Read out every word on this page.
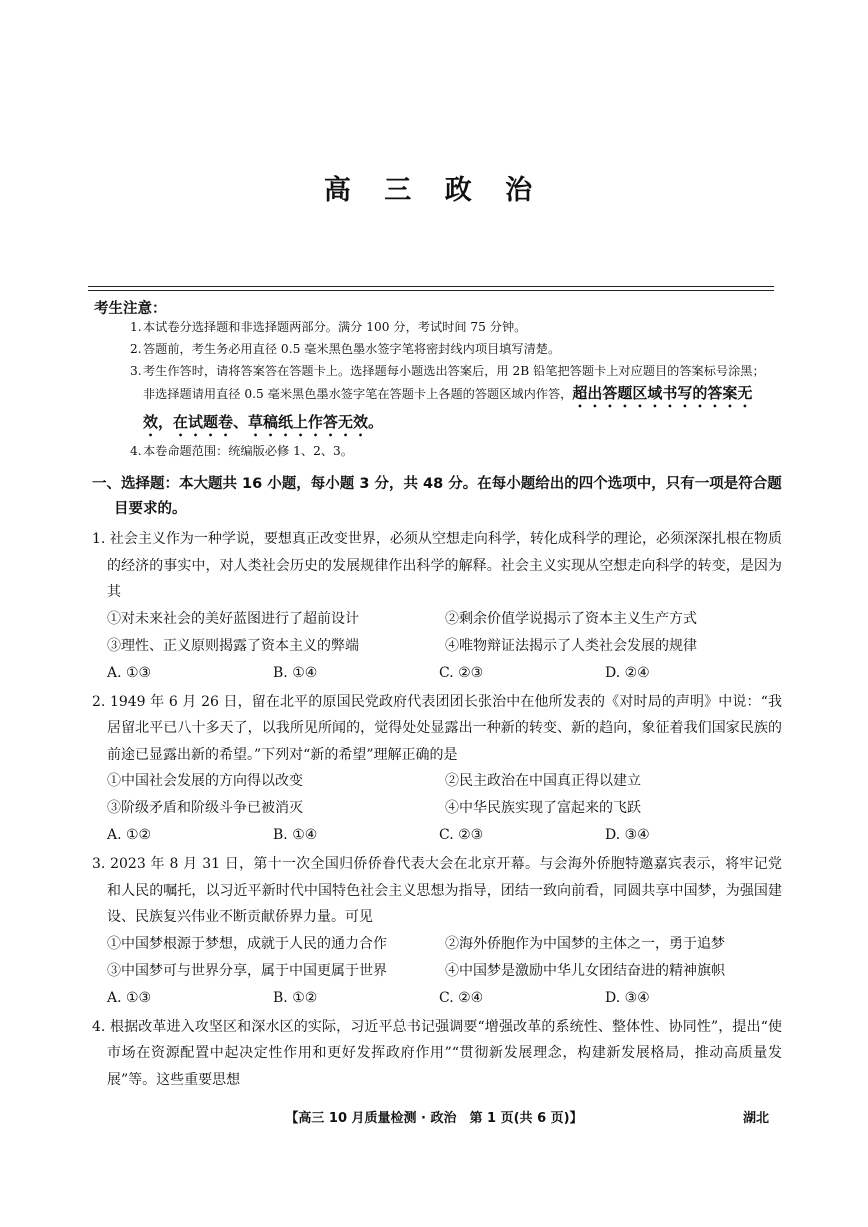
高 三 政 治
考生注意：
1. 本试卷分选择题和非选择题两部分。满分 100 分，考试时间 75 分钟。
2. 答题前，考生务必用直径 0.5 毫米黑色墨水签字笔将密封线内项目填写清楚。
3. 考生作答时，请将答案答在答题卡上。选择题每小题选出答案后，用 2B 铅笔把答题卡上对应题目的答案标号涂黑；非选择题请用直径 0.5 毫米黑色墨水签字笔在答题卡上各题的答题区域内作答，超出答题区域书写的答案无效，在试题卷、草稿纸上作答无效。
4. 本卷命题范围：统编版必修 1、2、3。
一、选择题：本大题共 16 小题，每小题 3 分，共 48 分。在每小题给出的四个选项中，只有一项是符合题目要求的。
1. 社会主义作为一种学说，要想真正改变世界，必须从空想走向科学，转化成科学的理论，必须深深扎根在物质的经济的事实中，对人类社会历史的发展规律作出科学的解释。社会主义实现从空想走向科学的转变，是因为其
①对未来社会的美好蓝图进行了超前设计	②剩余价值学说揭示了资本主义生产方式
③理性、正义原则揭露了资本主义的弊端	④唯物辩证法揭示了人类社会发展的规律
A. ①③	B. ①④	C. ②③	D. ②④
2. 1949 年 6 月 26 日，留在北平的原国民党政府代表团团长张治中在他所发表的《对时局的声明》中说：“我居留北平已八十多天了，以我所见所闻的，觉得处处显露出一种新的转变、新的趋向，象征着我们国家民族的前途已显露出新的希望。”下列对“新的希望”理解正确的是
①中国社会发展的方向得以改变	②民主政治在中国真正得以建立
③阶级矛盾和阶级斗争已被消灭	④中华民族实现了富起来的飞跃
A. ①②	B. ①④	C. ②③	D. ③④
3. 2023 年 8 月 31 日，第十一次全国归侨侨眷代表大会在北京开幕。与会海外侨胞特邀嘉宾表示，将牢记党和人民的嘱托，以习近平新时代中国特色社会主义思想为指导，团结一致向前看，同圆共享中国梦，为强国建设、民族复兴伟业不断贡献侨界力量。可见
①中国梦根源于梦想，成就于人民的通力合作	②海外侨胞作为中国梦的主体之一，勇于追梦
③中国梦可与世界分享，属于中国更属于世界	④中国梦是激励中华儿女团结奋进的精神旗帜
A. ①③	B. ①②	C. ②④	D. ③④
4. 根据改革进入攻坚区和深水区的实际，习近平总书记强调要“增强改革的系统性、整体性、协同性”，提出“使市场在资源配置中起决定性作用和更好发挥政府作用”“贯彻新发展理念，构建新发展格局，推动高质量发展”等。这些重要思想
【高三 10 月质量检测 · 政治　第 1 页(共 6 页)】	湖北
